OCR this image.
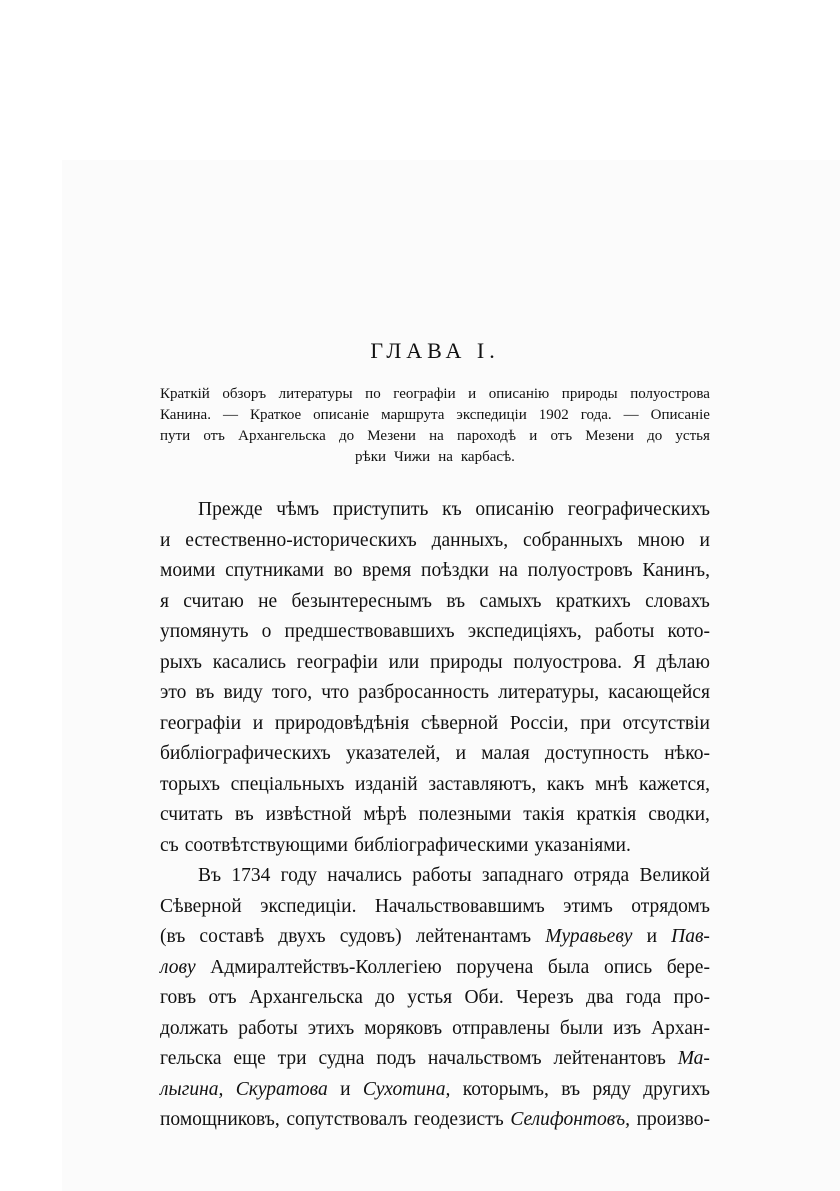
ГЛАВА I.
Краткій обзоръ литературы по географіи и описанію природы полуострова
Канина. — Краткое описаніе маршрута экспедиціи 1902 года. — Описаніе
пути отъ Архангельска до Мезени на пароходѣ и отъ Мезени до устья
рѣки Чижи на карбасѣ.
Прежде чѣмъ приступить къ описанію географическихъ
и естественно-историческихъ данныхъ, собранныхъ мною и
моими спутниками во время поѣздки на полуостровъ Канинъ,
я считаю не безынтереснымъ въ самыхъ краткихъ словахъ
упомянуть о предшествовавшихъ экспедиціяхъ, работы кото-
рыхъ касались географіи или природы полуострова. Я дѣлаю
это въ виду того, что разбросанность литературы, касающейся
географіи и природовѣдѣнія сѣверной Россіи, при отсутствіи
библіографическихъ указателей, и малая доступность нѣко-
торыхъ спеціальныхъ изданій заставляютъ, какъ мнѣ кажется,
считать въ извѣстной мѣрѣ полезными такія краткія сводки,
съ соотвѣтствующими библіографическими указаніями.
Въ 1734 году начались работы западнаго отряда Великой
Сѣверной экспедиціи. Начальствовавшимъ этимъ отрядомъ
(въ составѣ двухъ судовъ) лейтенантамъ Муравьеву и Пав-
лову Адмиралтействъ-Коллегіею поручена была опись бере-
говъ отъ Архангельска до устья Оби. Черезъ два года про-
должать работы этихъ моряковъ отправлены были изъ Архан-
гельска еще три судна подъ начальствомъ лейтенантовъ Ма-
лыгина, Скуратова и Сухотина, которымъ, въ ряду другихъ
помощниковъ, сопутствовалъ геодезистъ Селифонтовъ, произво-
